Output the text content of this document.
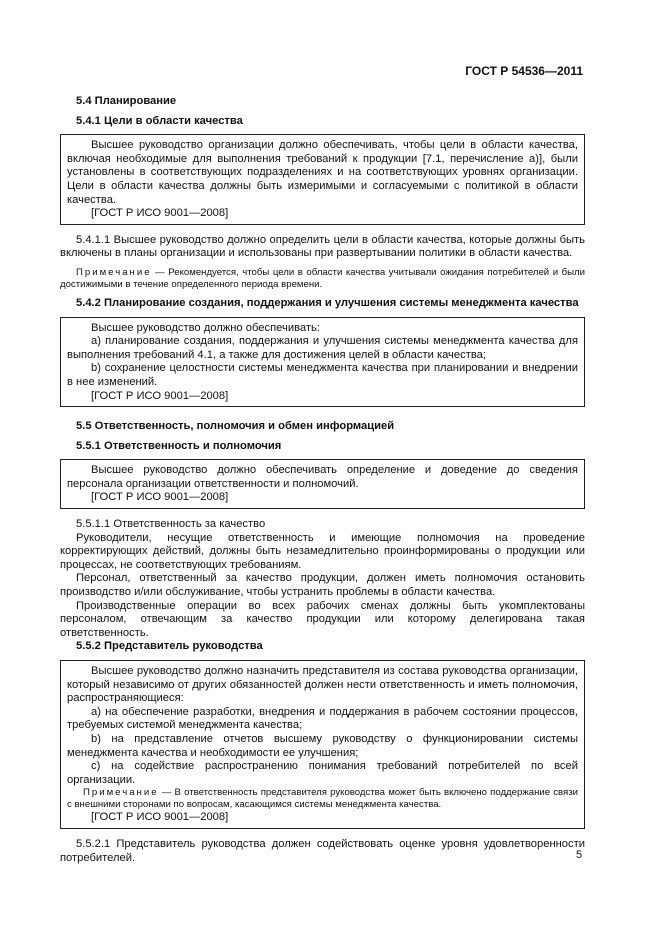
ГОСТ Р 54536—2011

5.4 Планирование

5.4.1 Цели в области качества

Высшее руководство организации должно обеспечивать, чтобы цели в области качества, включая необходимые для выполнения требований к продукции [7.1, перечисление а)], были установлены в соответствующих подразделениях и на соответствующих уровнях организации. Цели в области качества должны быть измеримыми и согласуемыми с политикой в области качества.

[ГОСТ Р ИСО 9001—2008]

5.4.1.1 Высшее руководство должно определить цели в области качества, которые должны быть включены в планы организации и использованы при развертывании политики в области качества.

Примечание — Рекомендуется, чтобы цели в области качества учитывали ожидания потребителей и были достижимыми в течение определенного периода времени.

5.4.2 Планирование создания, поддержания и улучшения системы менеджмента качества

Высшее руководство должно обеспечивать:

a) планирование создания, поддержания и улучшения системы менеджмента качества для выполнения требований 4.1, а также для достижения целей в области качества;

b) сохранение целостности системы менеджмента качества при планировании и внедрении в нее изменений.

[ГОСТ Р ИСО 9001—2008]

5.5 Ответственность, полномочия и обмен информацией

5.5.1 Ответственность и полномочия

Высшее руководство должно обеспечивать определение и доведение до сведения персонала организации ответственности и полномочий.

[ГОСТ Р ИСО 9001—2008]

5.5.1.1 Ответственность за качество

Руководители, несущие ответственность и имеющие полномочия на проведение корректирующих действий, должны быть незамедлительно проинформированы о продукции или процессах, не соответствующих требованиям.

Персонал, ответственный за качество продукции, должен иметь полномочия остановить производство и/или обслуживание, чтобы устранить проблемы в области качества.

Производственные операции во всех рабочих сменах должны быть укомплектованы персоналом, отвечающим за качество продукции или которому делегирована такая ответственность.

5.5.2 Представитель руководства

Высшее руководство должно назначить представителя из состава руководства организации, который независимо от других обязанностей должен нести ответственность и иметь полномочия, распространяющиеся:

a) на обеспечение разработки, внедрения и поддержания в рабочем состоянии процессов, требуемых системой менеджмента качества;

b) на представление отчетов высшему руководству о функционировании системы менеджмента качества и необходимости ее улучшения;

c) на содействие распространению понимания требований потребителей по всей организации.

Примечание — В ответственность представителя руководства может быть включено поддержание связи с внешними сторонами по вопросам, касающимся системы менеджмента качества.

[ГОСТ Р ИСО 9001—2008]

5.5.2.1 Представитель руководства должен содействовать оценке уровня удовлетворенности потребителей.	5
